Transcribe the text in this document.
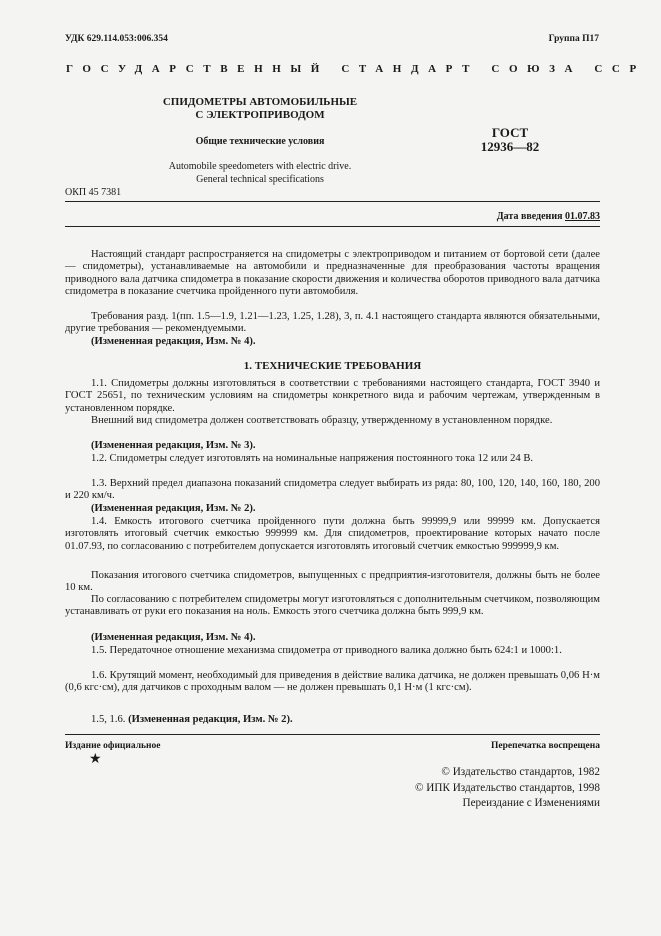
УДК 629.114.053:006.354	Группа П17
ГОСУДАРСТВЕННЫЙ СТАНДАРТ СОЮЗА ССР
СПИДОМЕТРЫ АВТОМОБИЛЬНЫЕ
С ЭЛЕКТРОПРИВОДОМ
Общие технические условия
Automobile speedometers with electric drive.
General technical specifications
ГОСТ
12936—82
ОКП 45 7381
Дата введения 01.07.83
Настоящий стандарт распространяется на спидометры с электроприводом и питанием от бортовой сети (далее — спидометры), устанавливаемые на автомобили и предназначенные для преобразования частоты вращения приводного вала датчика спидометра в показание скорости движения и количества оборотов приводного вала датчика спидометра в показание счетчика пройденного пути автомобиля.
Требования разд. 1(пп. 1.5—1.9, 1.21—1.23, 1.25, 1.28), 3, п. 4.1 настоящего стандарта являются обязательными, другие требования — рекомендуемыми.
(Измененная редакция, Изм. № 4).
1. ТЕХНИЧЕСКИЕ ТРЕБОВАНИЯ
1.1. Спидометры должны изготовляться в соответствии с требованиями настоящего стандарта, ГОСТ 3940 и ГОСТ 25651, по техническим условиям на спидометры конкретного вида и рабочим чертежам, утвержденным в установленном порядке.
Внешний вид спидометра должен соответствовать образцу, утвержденному в установленном порядке.
(Измененная редакция, Изм. № 3).
1.2. Спидометры следует изготовлять на номинальные напряжения постоянного тока 12 или 24 В.
1.3. Верхний предел диапазона показаний спидометра следует выбирать из ряда: 80, 100, 120, 140, 160, 180, 200 и 220 км/ч.
(Измененная редакция, Изм. № 2).
1.4. Емкость итогового счетчика пройденного пути должна быть 99999,9 или 99999 км. Допускается изготовлять итоговый счетчик емкостью 999999 км. Для спидометров, проектирование которых начато после 01.07.93, по согласованию с потребителем допускается изготовлять итоговый счетчик емкостью 999999,9 км.
Показания итогового счетчика спидометров, выпущенных с предприятия-изготовителя, должны быть не более 10 км.
По согласованию с потребителем спидометры могут изготовляться с дополнительным счетчиком, позволяющим устанавливать от руки его показания на ноль. Емкость этого счетчика должна быть 999,9 км.
(Измененная редакция, Изм. № 4).
1.5. Передаточное отношение механизма спидометра от приводного валика должно быть 624:1 и 1000:1.
1.6. Крутящий момент, необходимый для приведения в действие валика датчика, не должен превышать 0,06 Н·м (0,6 кгс·см), для датчиков с проходным валом — не должен превышать 0,1 Н·м (1 кгс·см).
1.5, 1.6. (Измененная редакция, Изм. № 2).
Издание официальное	Перепечатка воспрещена
★
© Издательство стандартов, 1982
© ИПК Издательство стандартов, 1998
Переиздание с Изменениями
